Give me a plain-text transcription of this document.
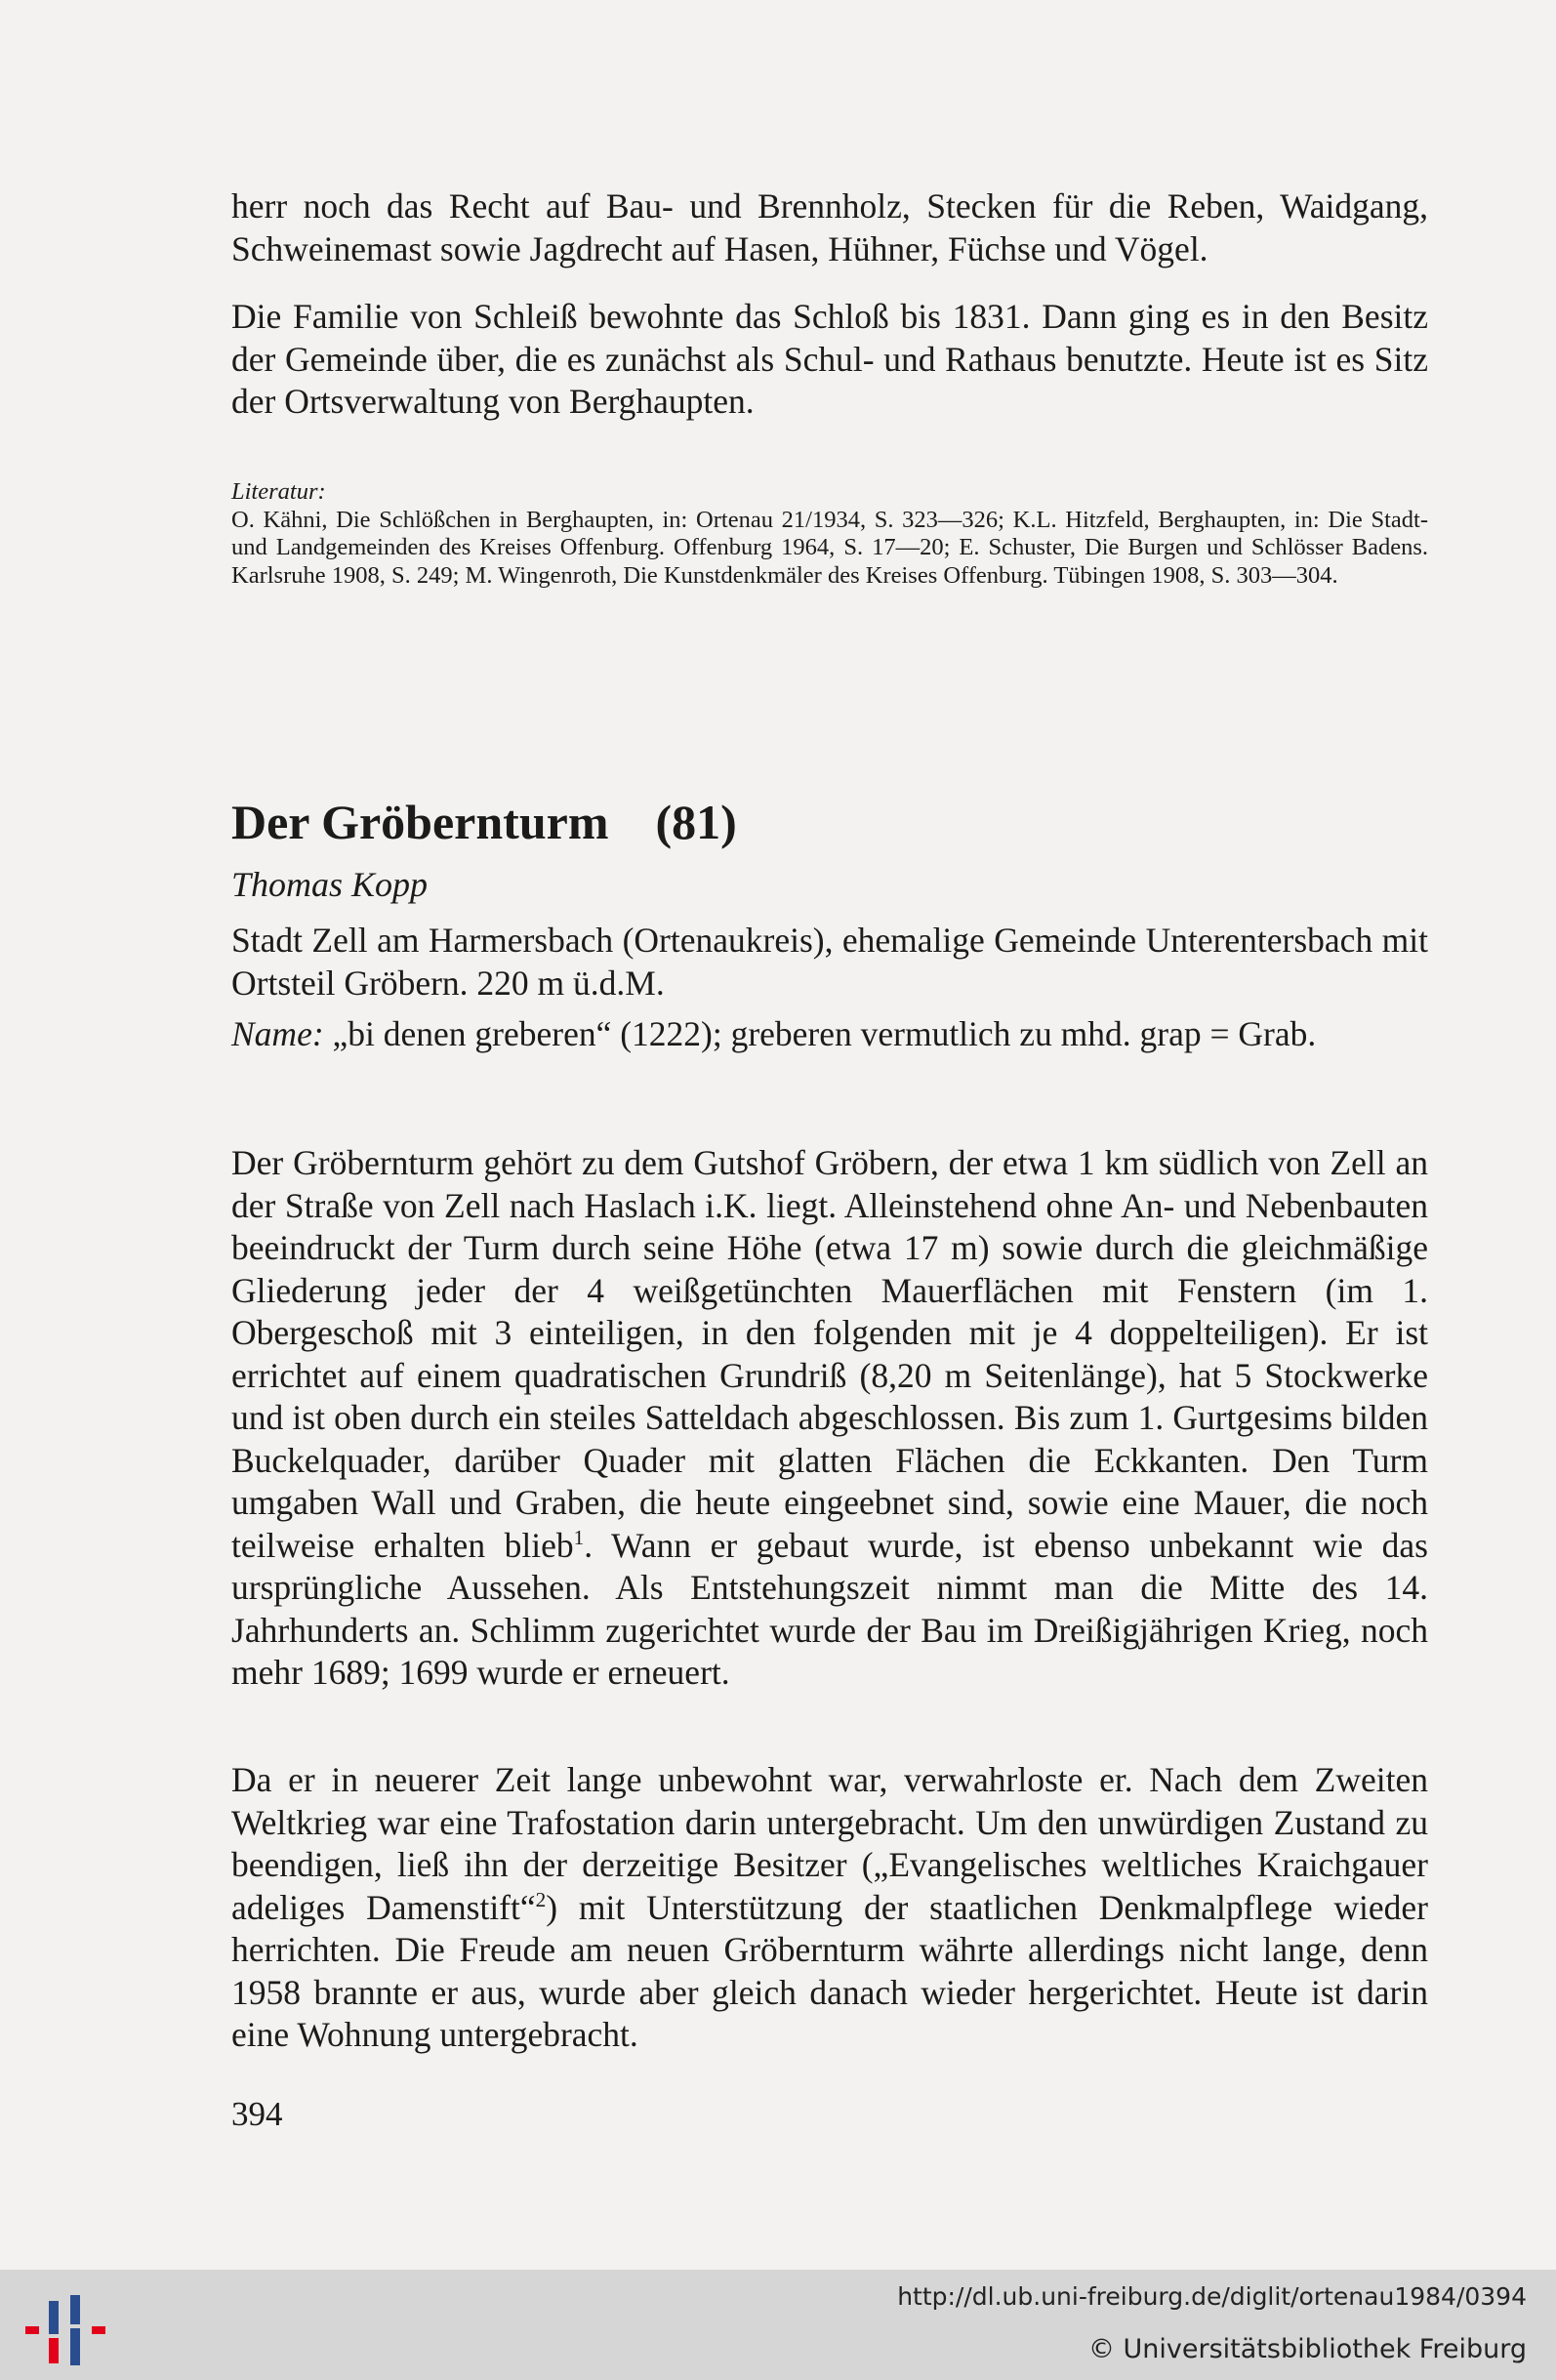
herr noch das Recht auf Bau- und Brennholz, Stecken für die Reben, Waidgang, Schweinemast sowie Jagdrecht auf Hasen, Hühner, Füchse und Vögel.

Die Familie von Schleiß bewohnte das Schloß bis 1831. Dann ging es in den Besitz der Gemeinde über, die es zunächst als Schul- und Rathaus benutzte. Heute ist es Sitz der Ortsverwaltung von Berghaupten.

Literatur:

O. Kähni, Die Schlößchen in Berghaupten, in: Ortenau 21/1934, S. 323—326; K.L. Hitzfeld, Berghaupten, in: Die Stadt- und Landgemeinden des Kreises Offenburg. Offenburg 1964, S. 17—20; E. Schuster, Die Burgen und Schlösser Badens. Karlsruhe 1908, S. 249; M. Wingenroth, Die Kunstdenkmäler des Kreises Offenburg. Tübingen 1908, S. 303—304.

Der Gröbernturm (81)

Thomas Kopp

Stadt Zell am Harmersbach (Ortenaukreis), ehemalige Gemeinde Unterentersbach mit Ortsteil Gröbern. 220 m ü.d.M.

Name: „bi denen greberen“ (1222); greberen vermutlich zu mhd. grap = Grab.

Der Gröbernturm gehört zu dem Gutshof Gröbern, der etwa 1 km südlich von Zell an der Straße von Zell nach Haslach i.K. liegt. Alleinstehend ohne An- und Nebenbauten beeindruckt der Turm durch seine Höhe (etwa 17 m) sowie durch die gleichmäßige Gliederung jeder der 4 weißgetünchten Mauerflächen mit Fenstern (im 1. Obergeschoß mit 3 einteiligen, in den folgenden mit je 4 doppelteiligen). Er ist errichtet auf einem quadratischen Grundriß (8,20 m Seitenlänge), hat 5 Stockwerke und ist oben durch ein steiles Satteldach abgeschlossen. Bis zum 1. Gurtgesims bilden Buckelquader, darüber Quader mit glatten Flächen die Eckkanten. Den Turm umgaben Wall und Graben, die heute eingeebnet sind, sowie eine Mauer, die noch teilweise erhalten blieb$^1$. Wann er gebaut wurde, ist ebenso unbekannt wie das ursprüngliche Aussehen. Als Entstehungszeit nimmt man die Mitte des 14. Jahrhunderts an. Schlimm zugerichtet wurde der Bau im Dreißigjährigen Krieg, noch mehr 1689; 1699 wurde er erneuert.

Da er in neuerer Zeit lange unbewohnt war, verwahrloste er. Nach dem Zweiten Weltkrieg war eine Trafostation darin untergebracht. Um den unwürdigen Zustand zu beendigen, ließ ihn der derzeitige Besitzer („Evangelisches weltliches Kraichgauer adeliges Damenstift“$^2$) mit Unterstützung der staatlichen Denkmalpflege wieder herrichten. Die Freude am neuen Gröbernturm währte allerdings nicht lange, denn 1958 brannte er aus, wurde aber gleich danach wieder hergerichtet. Heute ist darin eine Wohnung untergebracht.

394
http://dl.ub.uni-freiburg.de/diglit/ortenau1984/0394
© Universitätsbibliothek Freiburg
